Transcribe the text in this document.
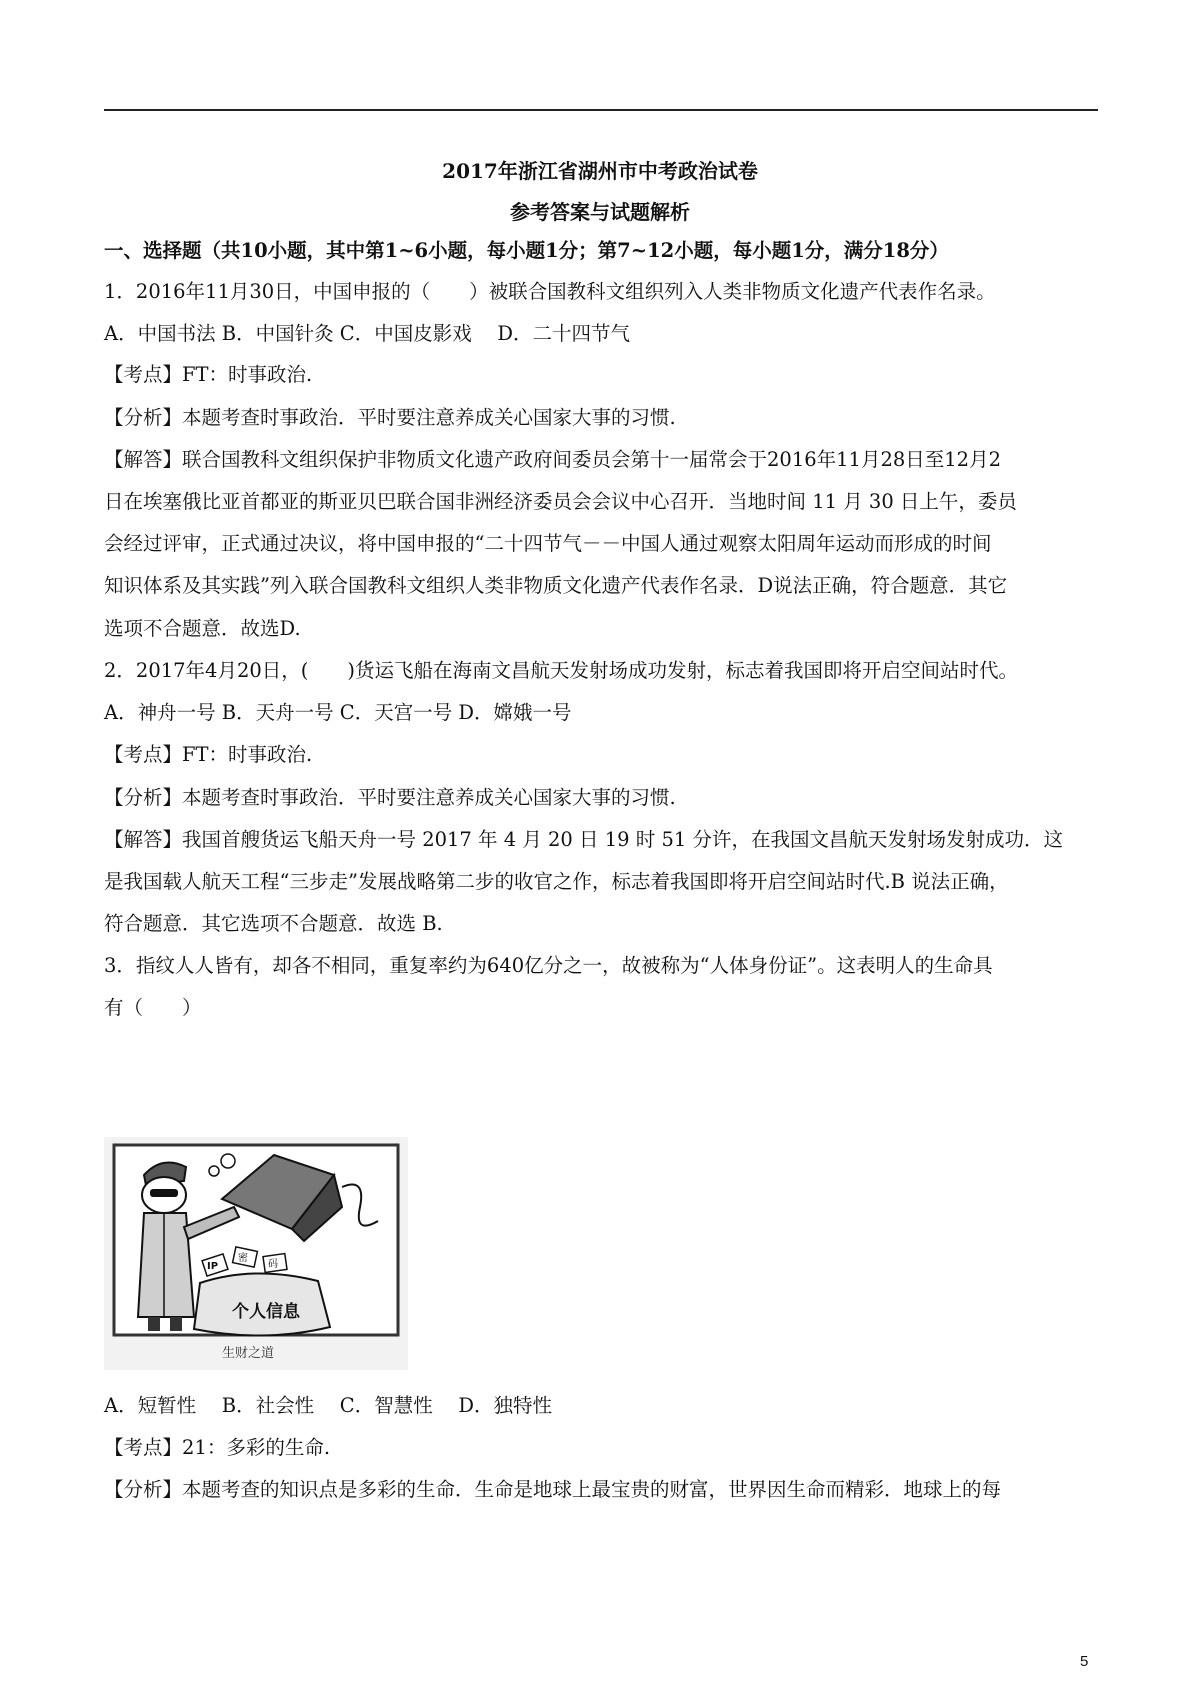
2017年浙江省湖州市中考政治试卷
参考答案与试题解析
一、选择题（共10小题，其中第1~6小题，每小题1分；第7~12小题，每小题1分，满分18分）
1．2016年11月30日，中国申报的（　　）被联合国教科文组织列入人类非物质文化遗产代表作名录。
A．中国书法 B．中国针灸 C．中国皮影戏　 D．二十四节气
【考点】FT：时事政治.
【分析】本题考查时事政治．平时要注意养成关心国家大事的习惯.
【解答】联合国教科文组织保护非物质文化遗产政府间委员会第十一届常会于2016年11月28日至12月2
日在埃塞俄比亚首都亚的斯亚贝巴联合国非洲经济委员会会议中心召开．当地时间 11 月 30 日上午，委员
会经过评审，正式通过决议，将中国申报的“二十四节气－－中国人通过观察太阳周年运动而形成的时间
知识体系及其实践”列入联合国教科文组织人类非物质文化遗产代表作名录．D说法正确，符合题意．其它
选项不合题意．故选D.
2．2017年4月20日，(　　)货运飞船在海南文昌航天发射场成功发射，标志着我国即将开启空间站时代。
A．神舟一号 B．天舟一号 C．天宫一号 D．嫦娥一号
【考点】FT：时事政治.
【分析】本题考查时事政治．平时要注意养成关心国家大事的习惯.
【解答】我国首艘货运飞船天舟一号 2017 年 4 月 20 日 19 时 51 分许，在我国文昌航天发射场发射成功．这
是我国载人航天工程“三步走”发展战略第二步的收官之作，标志着我国即将开启空间站时代.B 说法正确，
符合题意．其它选项不合题意．故选 B.
3．指纹人人皆有，却各不相同，重复率约为640亿分之一，故被称为“人体身份证”。这表明人的生命具
有（　　）
IP
密
码
个人信息
生财之道
A．短暂性　 B．社会性　 C．智慧性　 D．独特性
【考点】21：多彩的生命.
【分析】本题考查的知识点是多彩的生命．生命是地球上最宝贵的财富，世界因生命而精彩．地球上的每
5
